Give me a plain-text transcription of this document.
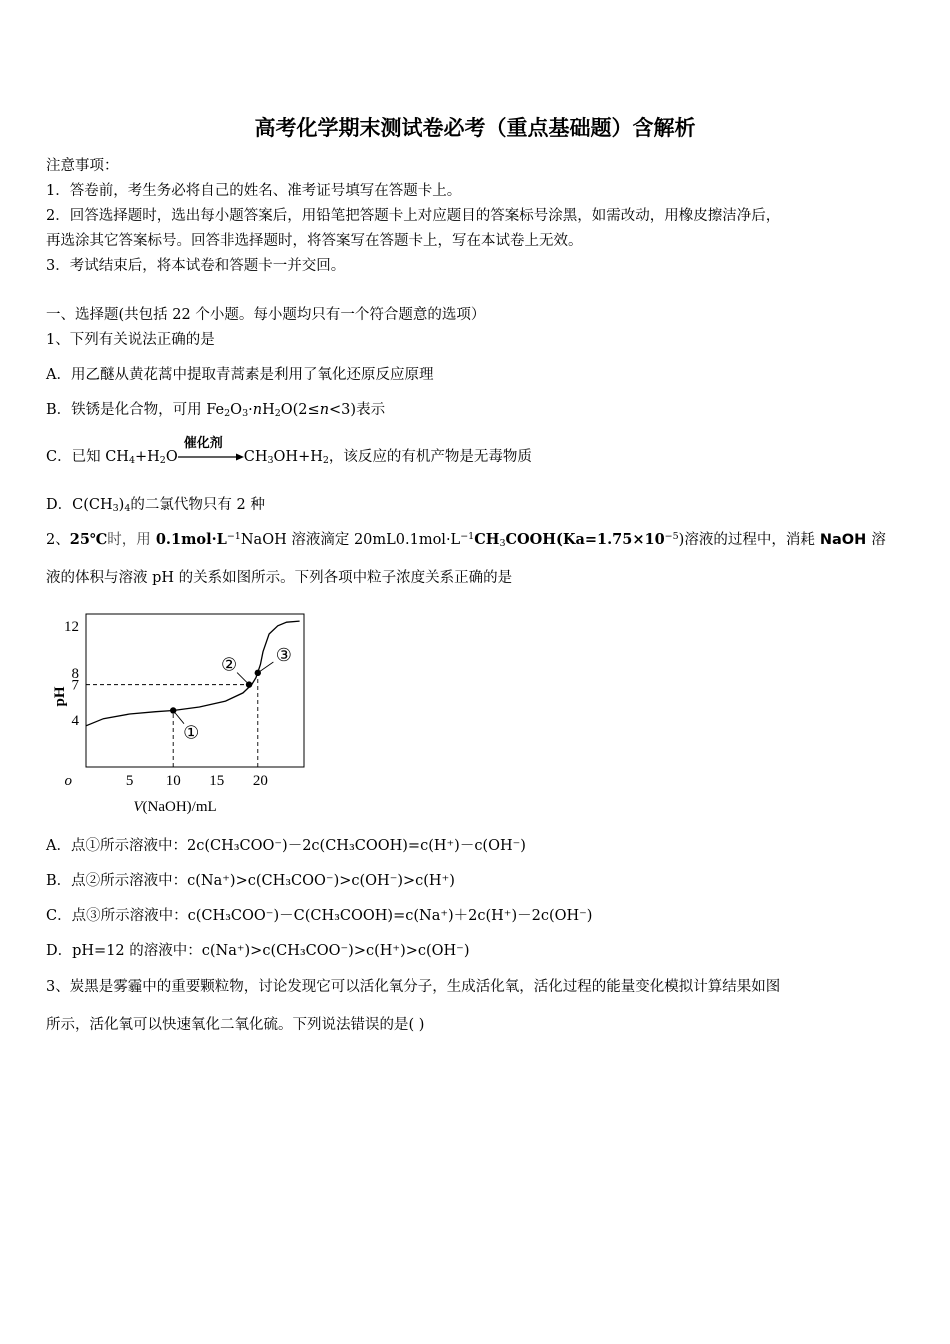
高考化学期末测试卷必考（重点基础题）含解析
注意事项：
1．答卷前，考生务必将自己的姓名、准考证号填写在答题卡上。
2．回答选择题时，选出每小题答案后，用铅笔把答题卡上对应题目的答案标号涂黑，如需改动，用橡皮擦洁净后，
再选涂其它答案标号。回答非选择题时，将答案写在答题卡上，写在本试卷上无效。
3．考试结束后，将本试卷和答题卡一并交回。
一、选择题(共包括 22 个小题。每小题均只有一个符合题意的选项）
1、下列有关说法正确的是
A．用乙醚从黄花蒿中提取青蒿素是利用了氧化还原反应原理
B．铁锈是化合物，可用 $Fe_2O_3\cdot nH_2O(2\le n<3)$表示
C．已知 $CH_4+H_2O$
催化剂
$CH_3OH+H_2$，该反应的有机产物是无毒物质
D．$C(CH_3)_4$的二氯代物只有 2 种
2、25℃时，用 $0.1mol\cdot L^{-1}NaOH$ 溶液滴定 $20mL0.1mol\cdot L^{-1}CH_3COOH(Ka=1.75\times 10^{-5})$溶液的过程中，消耗 NaOH 溶
液的体积与溶液 pH 的关系如图所示。下列各项中粒子浓度关系正确的是
5 10 15 20
4
7
8
12
o
pH
V(NaOH)/mL
①
② ③
A．点①所示溶液中：2c(CH₃COO⁻)－2c(CH₃COOH)=c(H⁺)－c(OH⁻)
B．点②所示溶液中：c(Na⁺)>c(CH₃COO⁻)>c(OH⁻)>c(H⁺)
C．点③所示溶液中：c(CH₃COO⁻)－C(CH₃COOH)=c(Na⁺)＋2c(H⁺)－2c(OH⁻)
D．pH=12 的溶液中：c(Na⁺)>c(CH₃COO⁻)>c(H⁺)>c(OH⁻)
3、炭黑是雾霾中的重要颗粒物，讨论发现它可以活化氧分子，生成活化氧，活化过程的能量变化模拟计算结果如图
所示，活化氧可以快速氧化二氧化硫。下列说法错误的是( )
